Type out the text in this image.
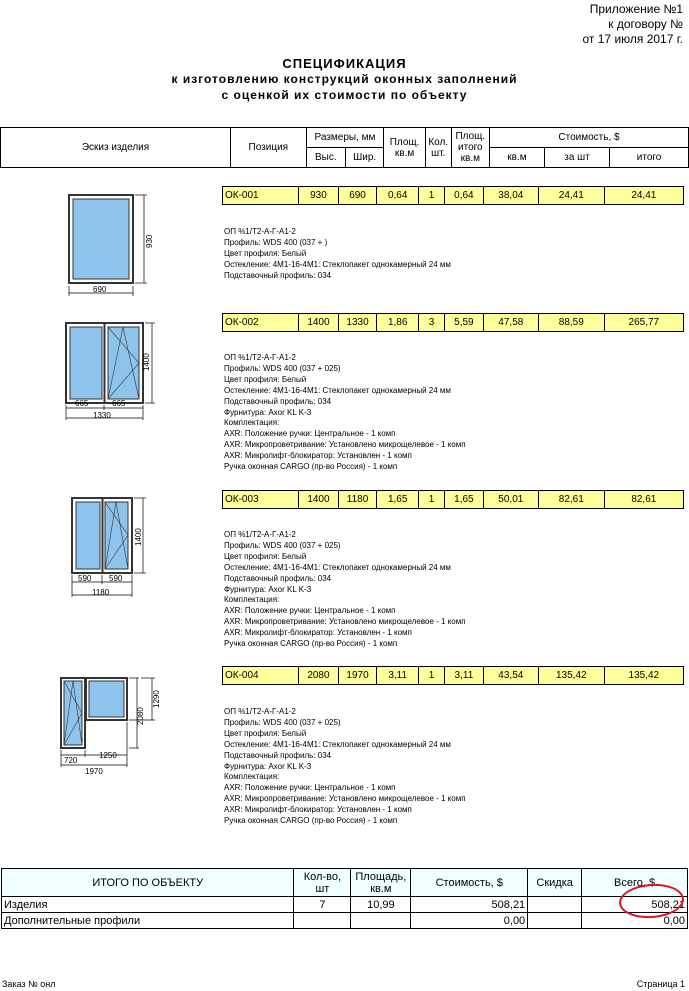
Приложение №1
к договору №
от 17 июля 2017 г.
СПЕЦИФИКАЦИЯ
к изготовлению конструкций оконных заполнений
с оценкой их стоимости по объекту
Эскиз изделия	Позиция	Размеры, мм		Площ. кв.м	Кол. шт.	Площ. итого кв.м	Стоимость, $		
		Выс.	Шир.				кв.м	за шт	итого
ОК-001	930	690	0,64	1	0,64	38,04	24,41	24,41
ОК-002	1400	1330	1,86	3	5,59	47,58	88,59	265,77
ОК-003	1400	1180	1,65	1	1,65	50,01	82,61	82,61
ОК-004	2080	1970	3,11	1	3,11	43,54	135,42	135,42
ОП %1/Т2-А-Г-А1-2
Профиль: WDS 400 (037 + )
Цвет профиля: Белый
Остекление: 4М1-16-4М1: Стеклопакет однокамерный 24 мм
Подставочный профиль: 034
ОП %1/Т2-А-Г-А1-2
Профиль: WDS 400 (037 + 025)
Цвет профиля: Белый
Остекление: 4М1-16-4М1: Стеклопакет однокамерный 24 мм
Подставочный профиль: 034
Фурнитура: Axor KL K-3
Комплектация:
AXR: Положение ручки: Центральное - 1 комп
AXR: Микропроветривание: Установлено микрощелевое - 1 комп
AXR: Микролифт-блокиратор: Установлен - 1 комп
Ручка оконная CARGO (пр-во Россия) - 1 комп
ОП %1/Т2-А-Г-А1-2
Профиль: WDS 400 (037 + 025)
Цвет профиля: Белый
Остекление: 4М1-16-4М1: Стеклопакет однокамерный 24 мм
Подставочный профиль: 034
Фурнитура: Axor KL K-3
Комплектация:
AXR: Положение ручки: Центральное - 1 комп
AXR: Микропроветривание: Установлено микрощелевое - 1 комп
AXR: Микролифт-блокиратор: Установлен - 1 комп
Ручка оконная CARGO (пр-во Россия) - 1 комп
ОП %1/Т2-А-Г-А1-2
Профиль: WDS 400 (037 + 025)
Цвет профиля: Белый
Остекление: 4М1-16-4М1: Стеклопакет однокамерный 24 мм
Подставочный профиль: 034
Фурнитура: Axor KL K-3
Комплектация:
AXR: Положение ручки: Центральное - 1 комп
AXR: Микропроветривание: Установлено микрощелевое - 1 комп
AXR: Микролифт-блокиратор: Установлен - 1 комп
Ручка оконная CARGO (пр-во Россия) - 1 комп
690
930
665	665
1330
1400
590 590
1180
1400
720
1250
1970
2080
1290
ИТОГО ПО ОБЪЕКТУ	Кол-во, шт	Площадь, кв.м	Стоимость, $	Скидка	Всего, $
Изделия	7	10,99	508,21		508,21
Дополнительные профили			0,00		0,00
Заказ № онл	Страница 1
